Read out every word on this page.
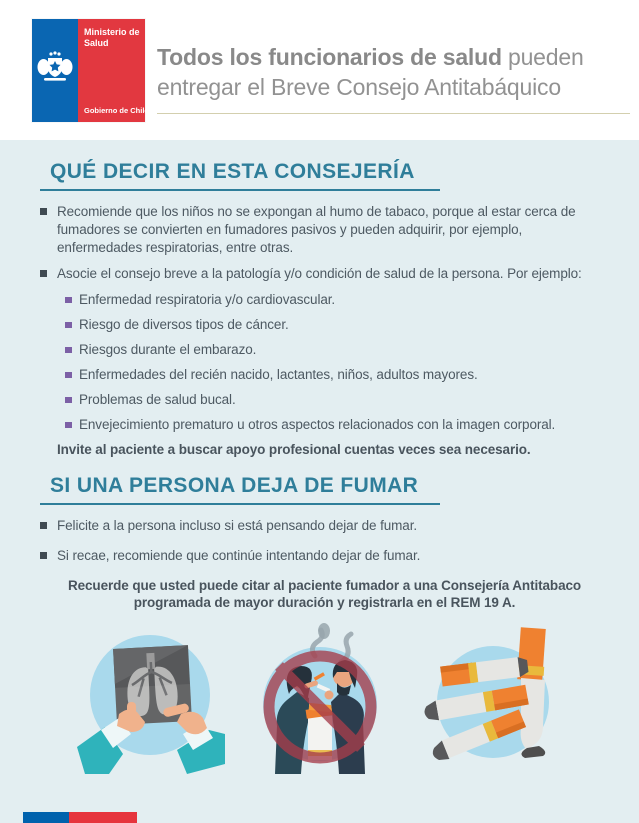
Ministerio de Salud
Gobierno de Chile
Todos los funcionarios de salud pueden
entregar el Breve Consejo Antitabáquico
QUÉ DECIR EN ESTA CONSEJERÍA
Recomiende que los niños no se expongan al humo de tabaco, porque al estar cerca de fumadores se convierten en fumadores pasivos y pueden adquirir, por ejemplo, enfermedades respiratorias, entre otras.
Asocie el consejo breve a la patología y/o condición de salud de la persona. Por ejemplo:
Enfermedad respiratoria y/o cardiovascular.
Riesgo de diversos tipos de cáncer.
Riesgos durante el embarazo.
Enfermedades del recién nacido, lactantes, niños, adultos mayores.
Problemas de salud bucal.
Envejecimiento prematuro u otros aspectos relacionados con la imagen corporal.

Invite al paciente a buscar apoyo profesional cuentas veces sea necesario.

SI UNA PERSONA DEJA DE FUMAR
Felicite a la persona incluso si está pensando dejar de fumar.
Si recae, recomiende que continúe intentando dejar de fumar.

Recuerde que usted puede citar al paciente fumador a una Consejería Antitabaco
programada de mayor duración y registrarla en el REM 19 A.
